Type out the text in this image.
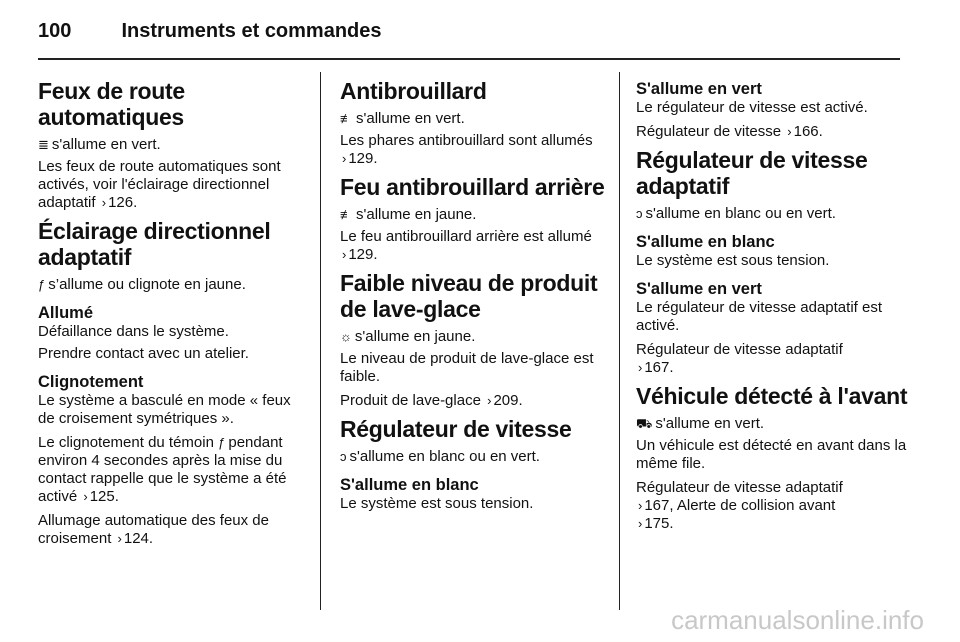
100	Instruments et commandes
Feux de route automatiques

≣ s'allume en vert.

Les feux de route automatiques sont activés, voir l'éclairage directionnel adaptatif › 126.

Éclairage directionnel adaptatif

ƒ s’allume ou clignote en jaune.

Allumé

Défaillance dans le système.

Prendre contact avec un atelier.

Clignotement

Le système a basculé en mode « feux de croisement symétriques ».

Le clignotement du témoin ƒ pendant environ 4 secondes après la mise du contact rappelle que le système a été activé › 125.

Allumage automatique des feux de croisement › 124.

Antibrouillard

≢ s'allume en vert.

Les phares antibrouillard sont allumés › 129.

Feu antibrouillard arrière

≢ s'allume en jaune.

Le feu antibrouillard arrière est allumé › 129.

Faible niveau de produit de lave-glace

☼ s'allume en jaune.

Le niveau de produit de lave-glace est faible.

Produit de lave-glace › 209.

Régulateur de vitesse

ↄ s'allume en blanc ou en vert.

S'allume en blanc

Le système est sous tension.

S'allume en vert

Le régulateur de vitesse est activé.

Régulateur de vitesse › 166.

Régulateur de vitesse adaptatif

ↄ s'allume en blanc ou en vert.

S'allume en blanc

Le système est sous tension.

S'allume en vert

Le régulateur de vitesse adaptatif est activé.

Régulateur de vitesse adaptatif
› 167.

Véhicule détecté à l'avant

⛟ s'allume en vert.

Un véhicule est détecté en avant dans la même file.

Régulateur de vitesse adaptatif
› 167, Alerte de collision avant
› 175.

carmanualsonline.info
